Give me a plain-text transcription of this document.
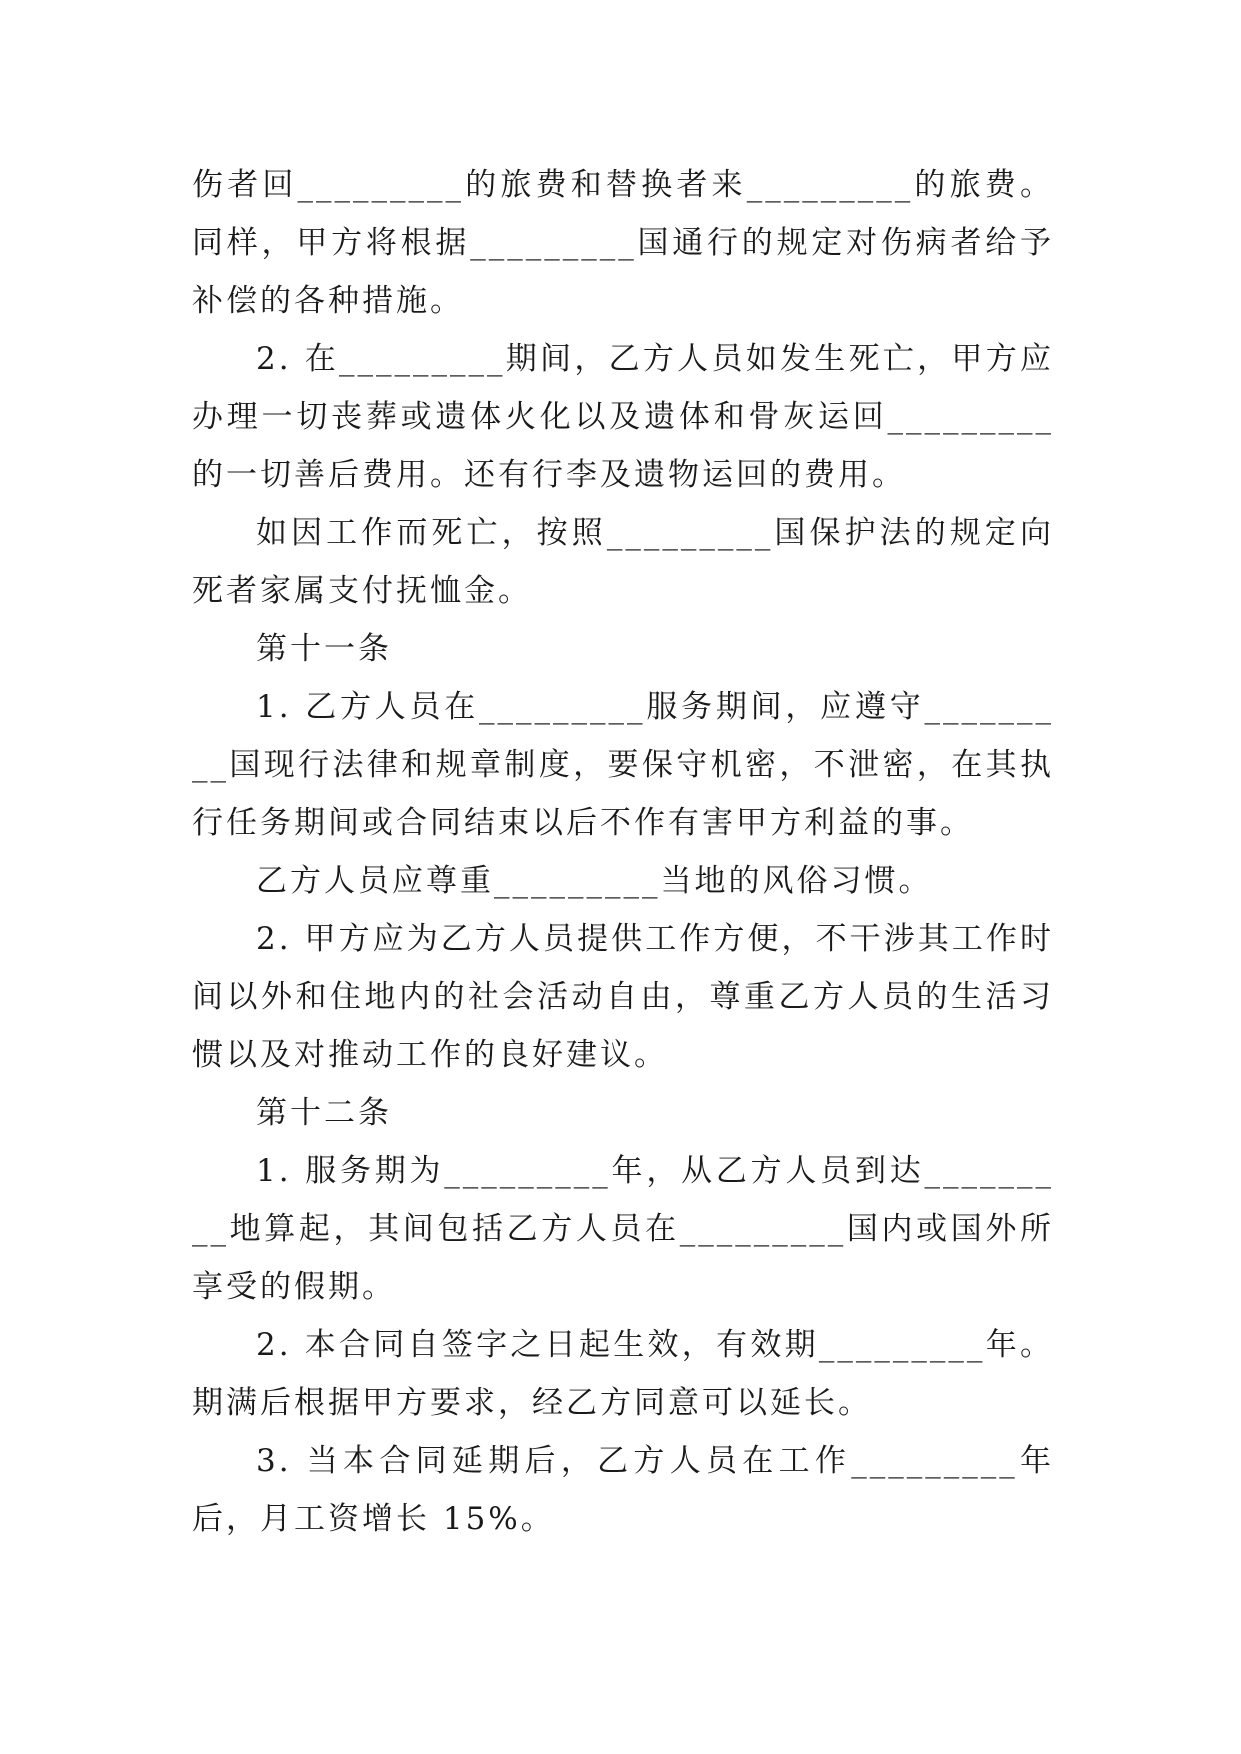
伤者回_________的旅费和替换者来_________的旅费。同样，甲方将根据_________国通行的规定对伤病者给予补偿的各种措施。

2. 在_________期间，乙方人员如发生死亡，甲方应办理一切丧葬或遗体火化以及遗体和骨灰运回_________的一切善后费用。还有行李及遗物运回的费用。

如因工作而死亡，按照_________国保护法的规定向死者家属支付抚恤金。

第十一条

1. 乙方人员在_________服务期间，应遵守_________国现行法律和规章制度，要保守机密，不泄密，在其执行任务期间或合同结束以后不作有害甲方利益的事。

乙方人员应尊重_________当地的风俗习惯。

2. 甲方应为乙方人员提供工作方便，不干涉其工作时间以外和住地内的社会活动自由，尊重乙方人员的生活习惯以及对推动工作的良好建议。

第十二条

1. 服务期为_________年，从乙方人员到达_________地算起，其间包括乙方人员在_________国内或国外所享受的假期。

2. 本合同自签字之日起生效，有效期_________年。期满后根据甲方要求，经乙方同意可以延长。

3. 当本合同延期后，乙方人员在工作_________年后，月工资增长 15%。
